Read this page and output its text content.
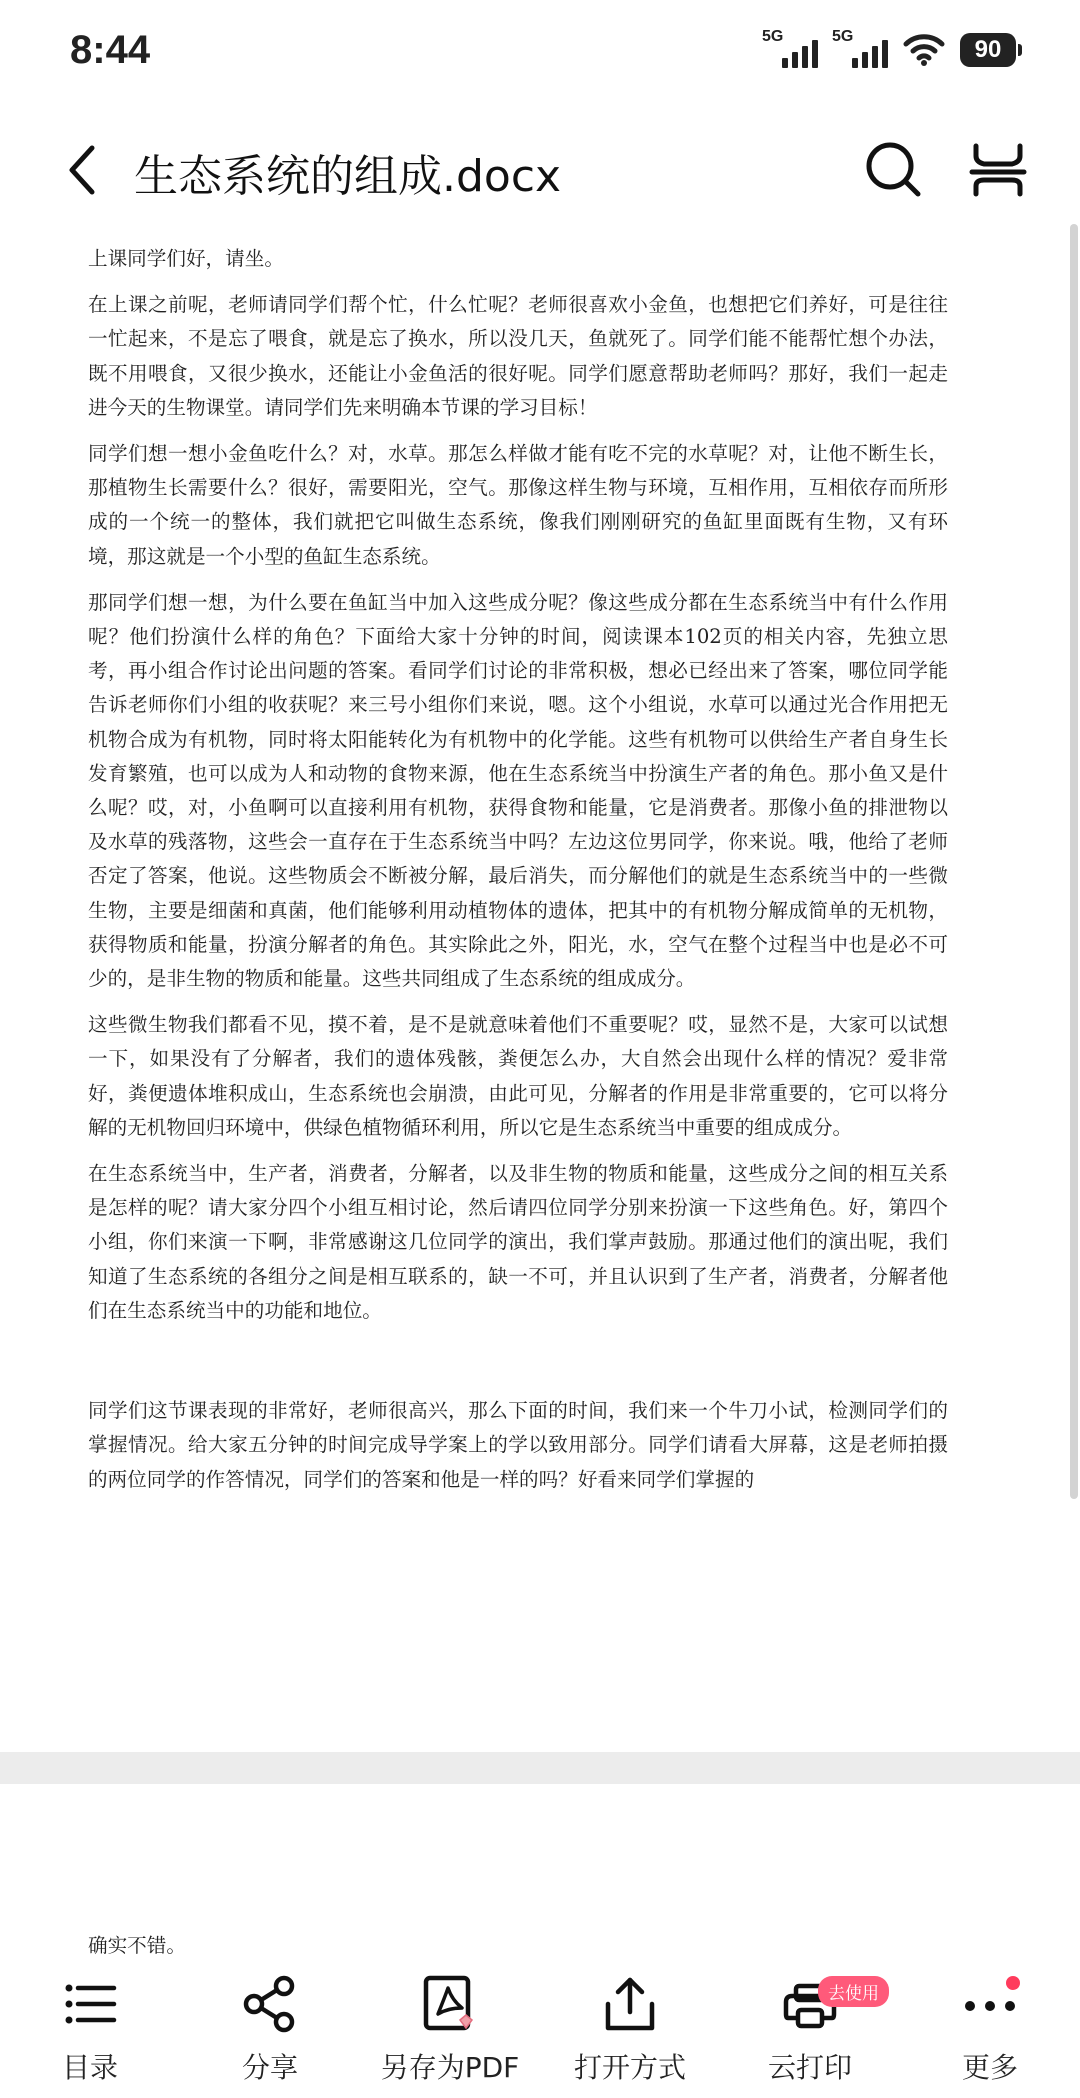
8:44	5G	5G	90
生态系统的组成.docx

上课同学们好，请坐。

在上课之前呢，老师请同学们帮个忙，什么忙呢？老师很喜欢小金鱼，也想把它们养好，可是往往一忙起来，不是忘了喂食，就是忘了换水，所以没几天，鱼就死了。同学们能不能帮忙想个办法，既不用喂食，又很少换水，还能让小金鱼活的很好呢。同学们愿意帮助老师吗？那好，我们一起走进今天的生物课堂。请同学们先来明确本节课的学习目标！

同学们想一想小金鱼吃什么？对，水草。那怎么样做才能有吃不完的水草呢？对，让他不断生长，那植物生长需要什么？很好，需要阳光，空气。那像这样生物与环境，互相作用，互相依存而所形成的一个统一的整体，我们就把它叫做生态系统，像我们刚刚研究的鱼缸里面既有生物，又有环境，那这就是一个小型的鱼缸生态系统。

那同学们想一想，为什么要在鱼缸当中加入这些成分呢？像这些成分都在生态系统当中有什么作用呢？他们扮演什么样的角色？下面给大家十分钟的时间，阅读课本102页的相关内容，先独立思考，再小组合作讨论出问题的答案。看同学们讨论的非常积极，想必已经出来了答案，哪位同学能告诉老师你们小组的收获呢？来三号小组你们来说，嗯。这个小组说，水草可以通过光合作用把无机物合成为有机物，同时将太阳能转化为有机物中的化学能。这些有机物可以供给生产者自身生长发育繁殖，也可以成为人和动物的食物来源，他在生态系统当中扮演生产者的角色。那小鱼又是什么呢？哎，对，小鱼啊可以直接利用有机物，获得食物和能量，它是消费者。那像小鱼的排泄物以及水草的残落物，这些会一直存在于生态系统当中吗？左边这位男同学，你来说。哦，他给了老师否定了答案，他说。这些物质会不断被分解，最后消失，而分解他们的就是生态系统当中的一些微生物，主要是细菌和真菌，他们能够利用动植物体的遗体，把其中的有机物分解成简单的无机物，获得物质和能量，扮演分解者的角色。其实除此之外，阳光，水，空气在整个过程当中也是必不可少的，是非生物的物质和能量。这些共同组成了生态系统的组成成分。

这些微生物我们都看不见，摸不着，是不是就意味着他们不重要呢？哎，显然不是，大家可以试想一下，如果没有了分解者，我们的遗体残骸，粪便怎么办，大自然会出现什么样的情况？爱非常好，粪便遗体堆积成山，生态系统也会崩溃，由此可见，分解者的作用是非常重要的，它可以将分解的无机物回归环境中，供绿色植物循环利用，所以它是生态系统当中重要的组成成分。

在生态系统当中，生产者，消费者，分解者，以及非生物的物质和能量，这些成分之间的相互关系是怎样的呢？请大家分四个小组互相讨论，然后请四位同学分别来扮演一下这些角色。好，第四个小组，你们来演一下啊，非常感谢这几位同学的演出，我们掌声鼓励。那通过他们的演出呢，我们知道了生态系统的各组分之间是相互联系的，缺一不可，并且认识到了生产者，消费者，分解者他们在生态系统当中的功能和地位。

同学们这节课表现的非常好，老师很高兴，那么下面的时间，我们来一个牛刀小试，检测同学们的掌握情况。给大家五分钟的时间完成导学案上的学以致用部分。同学们请看大屏幕，这是老师拍摄的两位同学的作答情况，同学们的答案和他是一样的吗？好看来同学们掌握的

确实不错。
目录	分享	另存为PDF	打开方式	云打印	更多
去使用
